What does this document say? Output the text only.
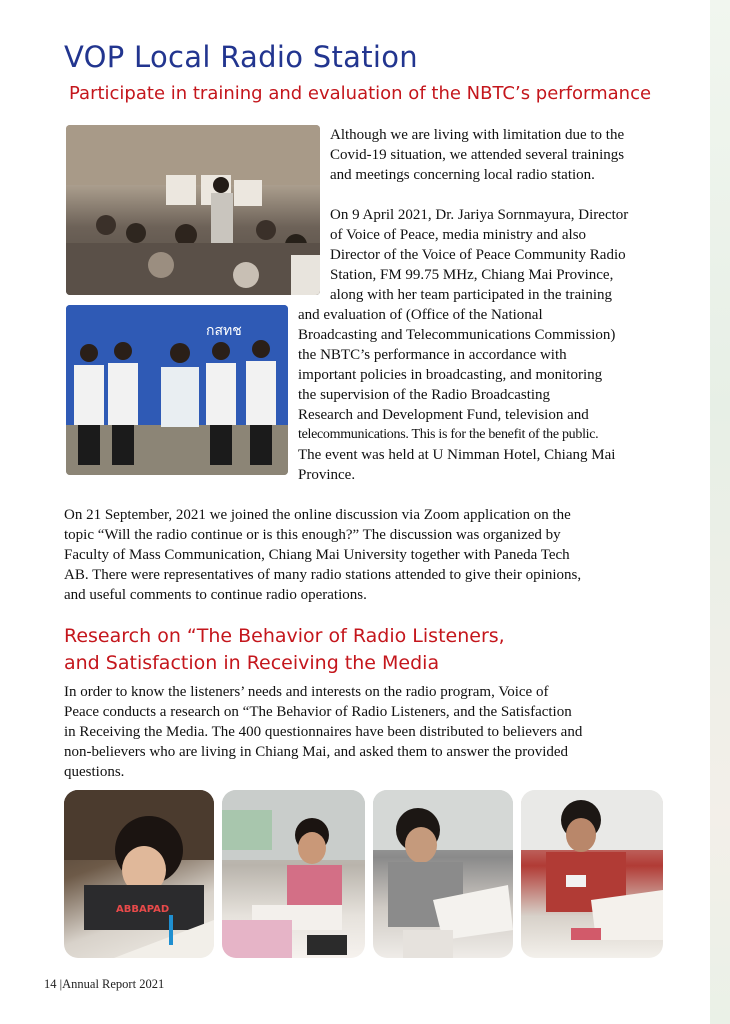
VOP Local Radio Station
Participate in training and evaluation of the NBTC’s performance
กสทช

Although we are living with limitation due to the

Covid-19 situation, we attended several trainings

and meetings concerning local radio station.

On 9 April 2021, Dr. Jariya Sornmayura, Director

of Voice of Peace, media ministry and also

Director of the Voice of Peace Community Radio

Station, FM 99.75 MHz, Chiang Mai Province,

along with her team participated in the training

and evaluation of (Office of the National

Broadcasting and Telecommunications Commission)

the NBTC’s performance in accordance with

important policies in broadcasting, and monitoring

the supervision of the Radio Broadcasting

Research and Development Fund, television and

telecommunications. This is for the benefit of the public.

The event was held at U Nimman Hotel, Chiang Mai

Province.

On 21 September, 2021 we joined the online discussion via Zoom application on the

topic “Will the radio continue or is this enough?” The discussion was organized by

Faculty of Mass Communication, Chiang Mai University together with Paneda Tech

AB. There were representatives of many radio stations attended to give their opinions,

and useful comments to continue radio operations.

Research on “The Behavior of Radio Listeners,
and Satisfaction in Receiving the Media

In order to know the listeners’ needs and interests on the radio program, Voice of

Peace conducts a research on “The Behavior of Radio Listeners, and the Satisfaction

in Receiving the Media. The 400 questionnaires have been distributed to believers and

non-believers who are living in Chiang Mai, and asked them to answer the provided

questions.

ABBAPAD
14 |Annual Report 2021
